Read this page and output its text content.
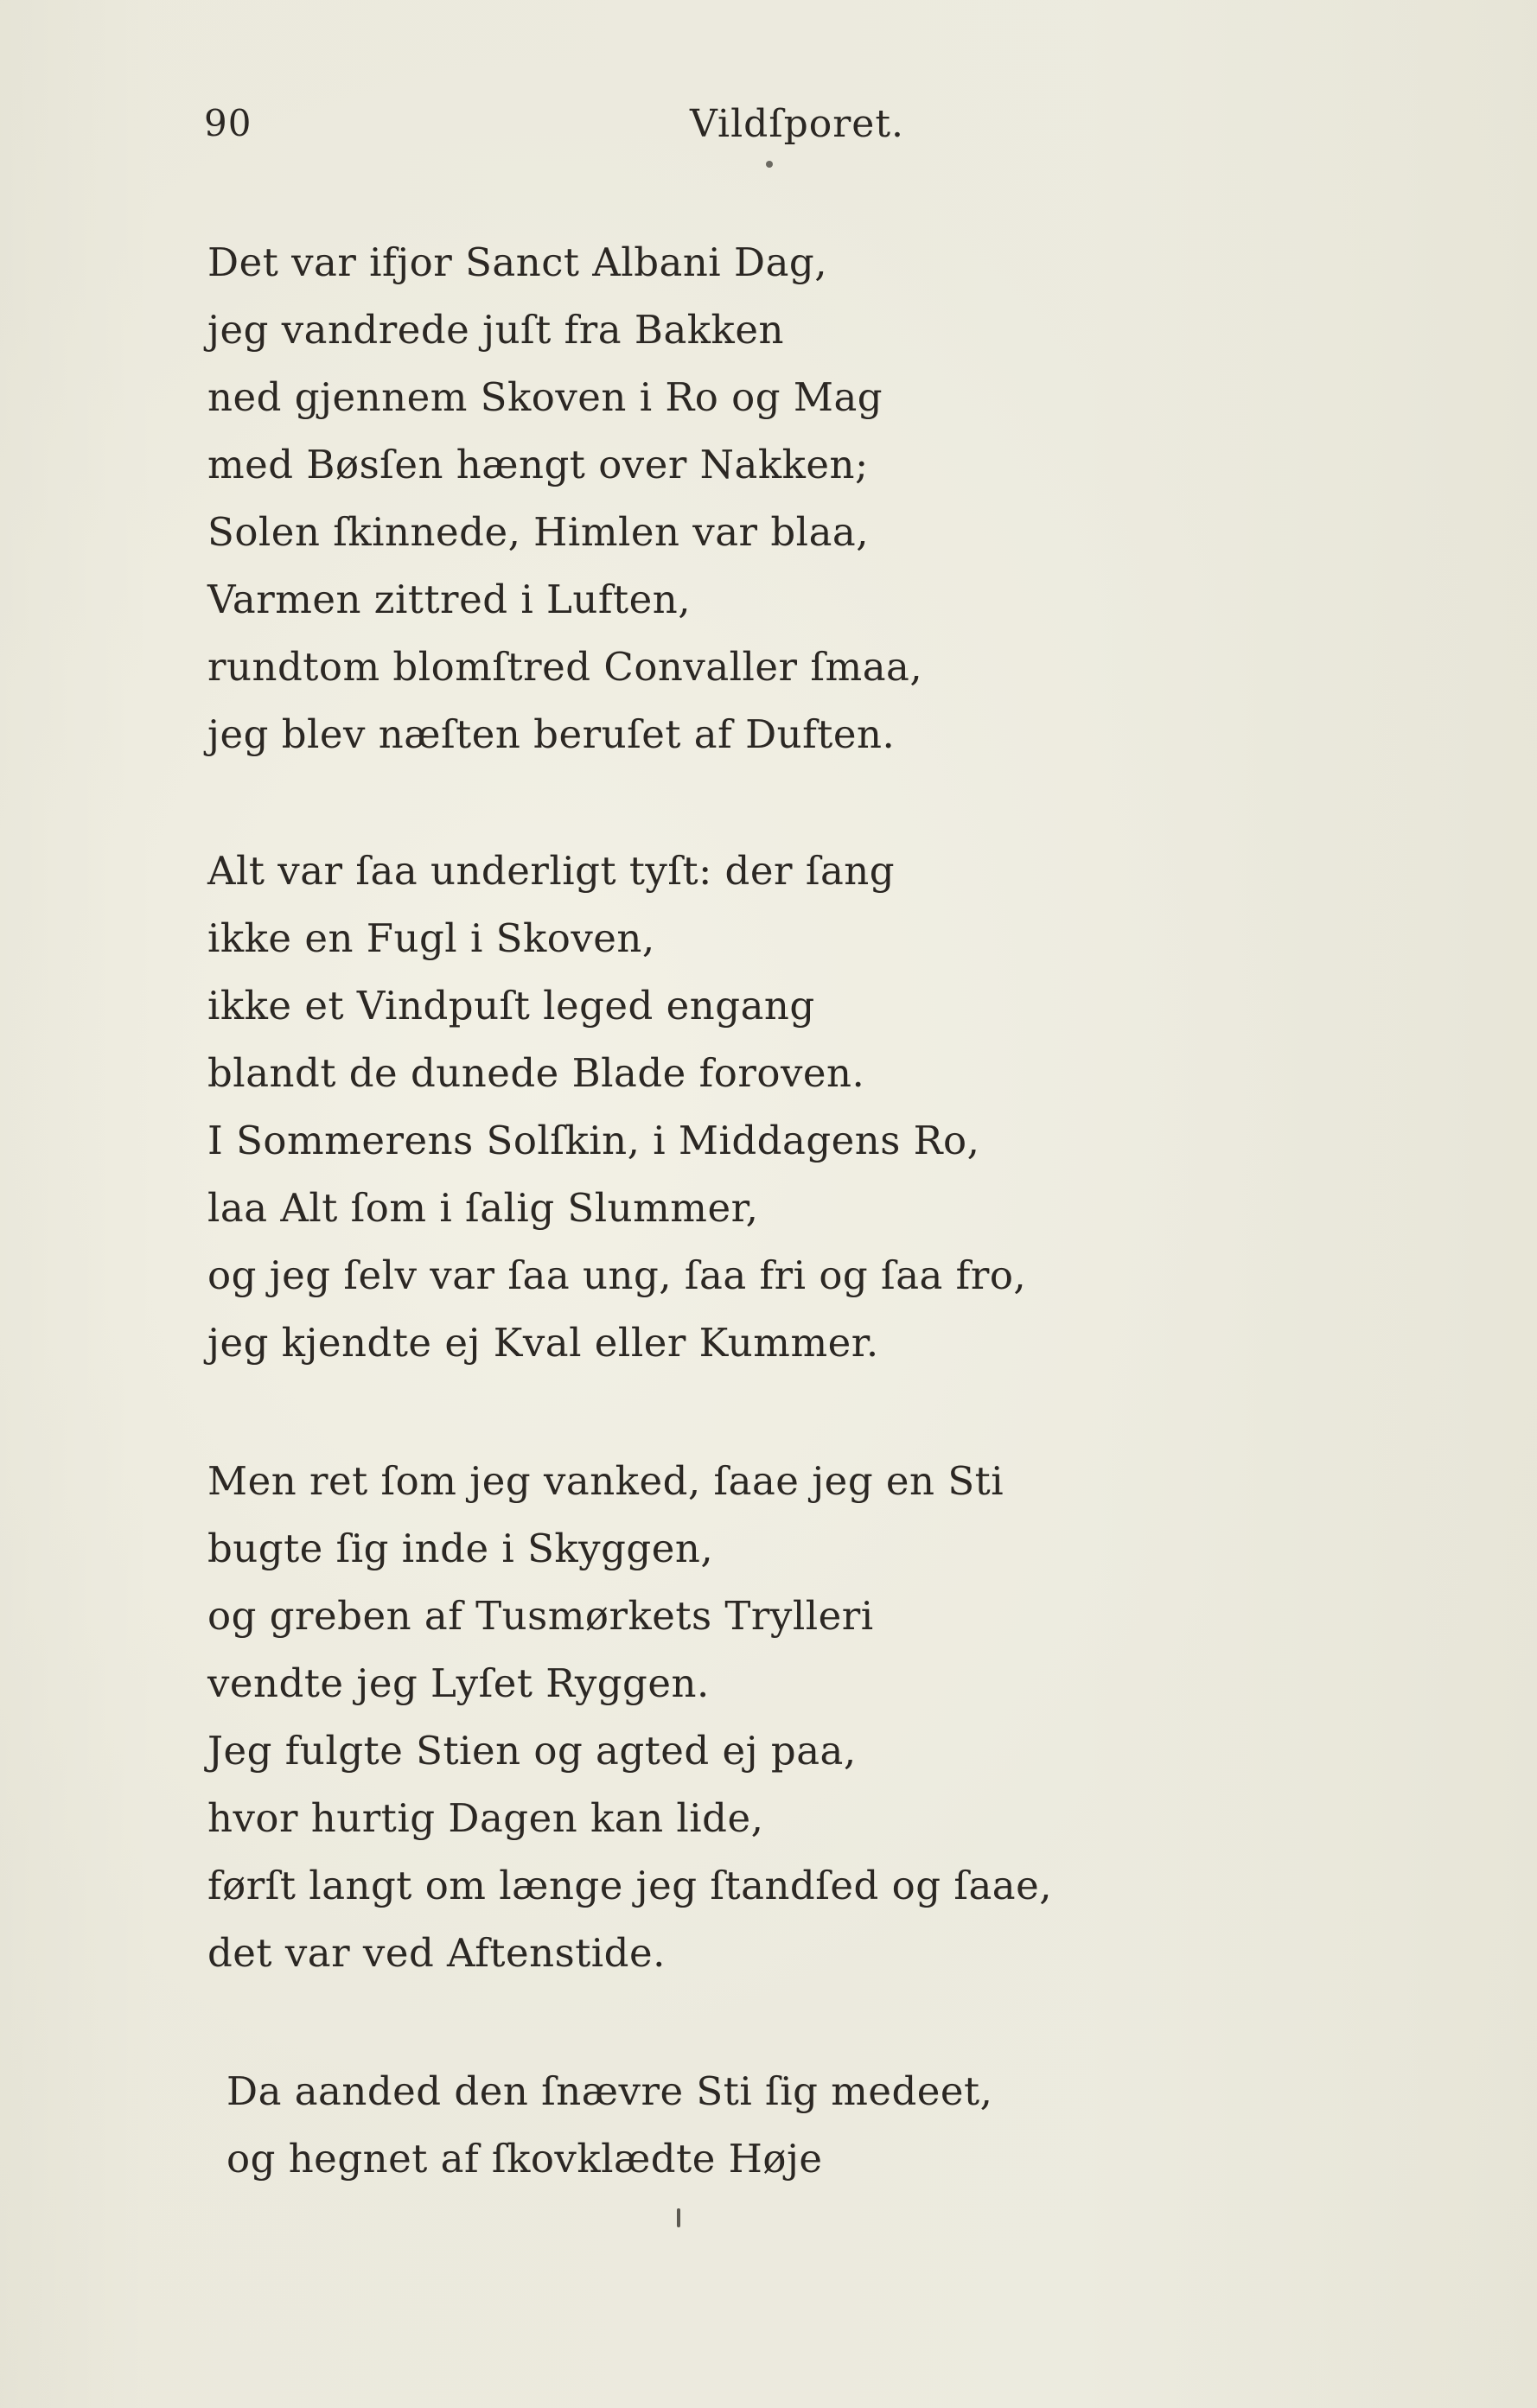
90	Vildſporet.
Det var ifjor Sanct Albani Dag,
jeg vandrede juſt fra Bakken
ned gjennem Skoven i Ro og Mag
med Bøsſen hængt over Nakken;
Solen ſkinnede, Himlen var blaa,
Varmen zittred i Luften,
rundtom blomſtred Convaller ſmaa,
jeg blev næſten beruſet af Duften.
Alt var ſaa underligt tyſt: der ſang
ikke en Fugl i Skoven,
ikke et Vindpuſt leged engang
blandt de dunede Blade foroven.
I Sommerens Solſkin, i Middagens Ro,
laa Alt ſom i ſalig Slummer,
og jeg ſelv var ſaa ung, ſaa fri og ſaa fro,
jeg kjendte ej Kval eller Kummer.
Men ret ſom jeg vanked, ſaae jeg en Sti
bugte ſig inde i Skyggen,
og greben af Tusmørkets Trylleri
vendte jeg Lyſet Ryggen.
Jeg fulgte Stien og agted ej paa,
hvor hurtig Dagen kan lide,
førſt langt om længe jeg ſtandſed og ſaae,
det var ved Aftenstide.
Da aanded den ſnævre Sti ſig medeet,
og hegnet af ſkovklædte Høje
